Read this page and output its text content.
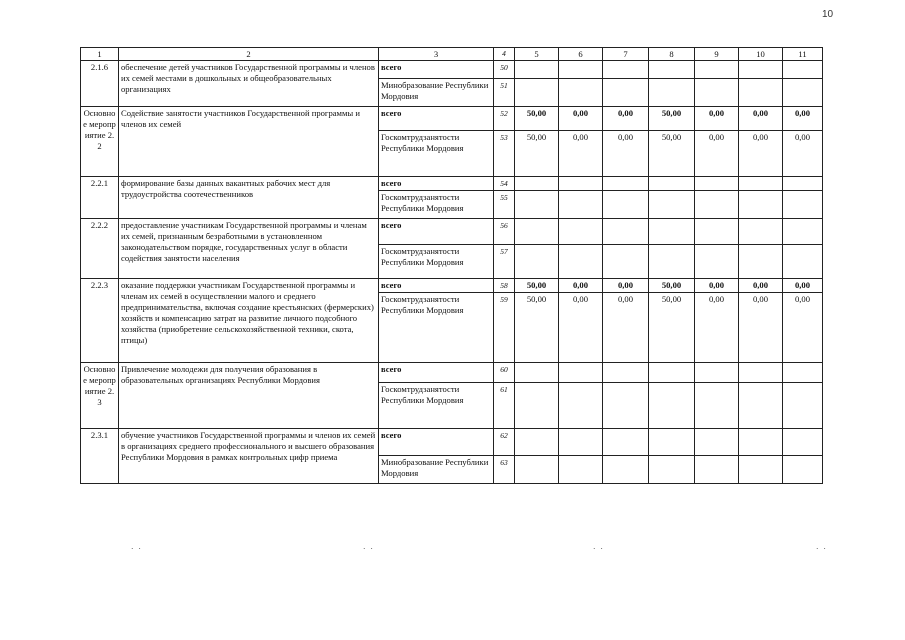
10
1	2	3	4	5	6	7	8	9	10	11
2.1.6	обеспечение детей участников Государственной программы и членов их семей местами в дошкольных и общеобразовательных организациях	всего	50							
		Минобразование Республики Мордовия	51							
Основное мероприятие 2.2	Содействие занятости участников Государственной программы и членов их семей	всего	52	50,00	0,00	0,00	50,00	0,00	0,00	0,00
		Госкомтрудзанятости Республики Мордовия	53	50,00	0,00	0,00	50,00	0,00	0,00	0,00
2.2.1	формирование базы данных вакантных рабочих мест для трудоустройства соотечественников	всего	54							
		Госкомтрудзанятости Республики Мордовия	55							
2.2.2	предоставление участникам Государственной программы и членам их семей, признанным безработными в установленном законодательством порядке, государственных услуг в области содействия занятости населения	всего	56							
		Госкомтрудзанятости Республики Мордовия	57							
2.2.3	оказание поддержки участникам Государственной программы и членам их семей в осуществлении малого и среднего предпринимательства, включая создание крестьянских (фермерских) хозяйств и компенсацию затрат на развитие личного подсобного хозяйства (приобретение сельскохозяйственной техники, скота, птицы)	всего	58	50,00	0,00	0,00	50,00	0,00	0,00	0,00
		Госкомтрудзанятости Республики Мордовия	59	50,00	0,00	0,00	50,00	0,00	0,00	0,00
Основное мероприятие 2.3	Привлечение молодежи для получения образования в образовательных организациях Республики Мордовия	всего	60							
		Госкомтрудзанятости Республики Мордовия	61							
2.3.1	обучение участников Государственной программы и членов их семей в организациях среднего профессионального и высшего образования Республики Мордовия в рамках контрольных цифр приема	всего	62							
		Минобразование Республики Мордовия	63							
˙ ˙	˙ ˙	˙ ˙	˙ ˙
